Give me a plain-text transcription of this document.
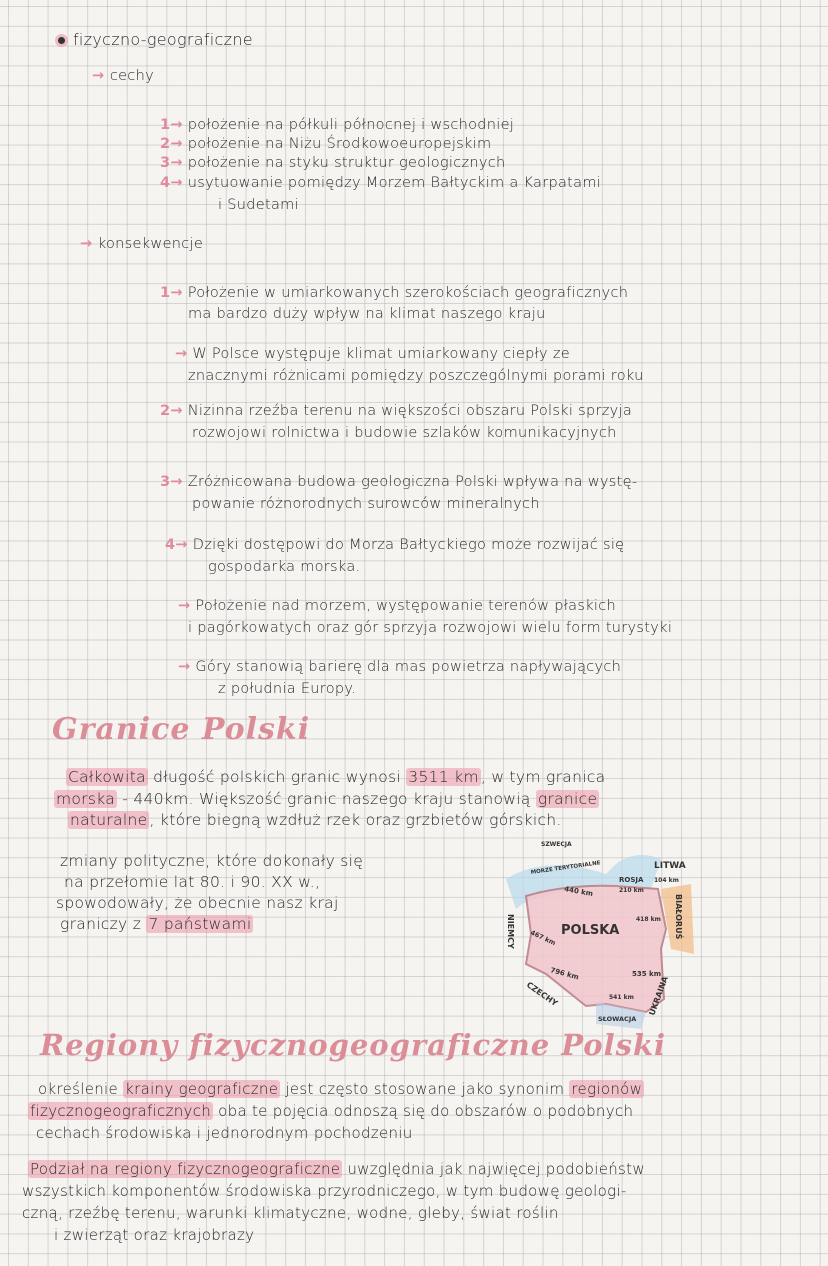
fizyczno-geograficzne
→ cechy
1→ położenie na półkuli północnej i wschodniej
2→ położenie na Niżu Środkowoeuropejskim
3→ położenie na styku struktur geologicznych
4→ usytuowanie pomiędzy Morzem Bałtyckim a Karpatami
i Sudetami
→ konsekwencje
1→ Położenie w umiarkowanych szerokościach geograficznych
ma bardzo duży wpływ na klimat naszego kraju
→ W Polsce występuje klimat umiarkowany ciepły ze
znacznymi różnicami pomiędzy poszczególnymi porami roku
2→ Nizinna rzeźba terenu na większości obszaru Polski sprzyja
rozwojowi rolnictwa i budowie szlaków komunikacyjnych
3→ Zróżnicowana budowa geologiczna Polski wpływa na wystę-
powanie różnorodnych surowców mineralnych
4→ Dzięki dostępowi do Morza Bałtyckiego może rozwijać się
gospodarka morska.
→ Położenie nad morzem, występowanie terenów płaskich
i pagórkowatych oraz gór sprzyja rozwojowi wielu form turystyki
→ Góry stanowią barierę dla mas powietrza napływających
z południa Europy.
Granice Polski
Całkowita długość polskich granic wynosi 3511 km , w tym granica
morska - 440km. Większość granic naszego kraju stanowią granice
naturalne , które biegną wzdłuż rzek oraz grzbietów górskich.
zmiany polityczne, które dokonały się
na przełomie lat 80. i 90. XX w.,
spowodowały, że obecnie nasz kraj
graniczy z 7 państwami	POLSKA
SZWECJA
MORZE TERYTORIALNE	LITWA
ROSJA
BIAŁORUŚ
UKRAINA
SŁOWACJA
CZECHY
NIEMCY
440 km	210 km
104 km
418 km
535 km
541 km
796 km
467 km
Regiony fizycznogeograficzne Polski
określenie krainy geograficzne jest często stosowane jako synonim regionów
fizycznogeograficznych oba te pojęcia odnoszą się do obszarów o podobnych
cechach środowiska i jednorodnym pochodzeniu
Podział na regiony fizycznogeograficzne uwzględnia jak najwięcej podobieństw
wszystkich komponentów środowiska przyrodniczego, w tym budowę geologi-
czną, rzeźbę terenu, warunki klimatyczne, wodne, gleby, świat roślin
i zwierząt oraz krajobrazy
